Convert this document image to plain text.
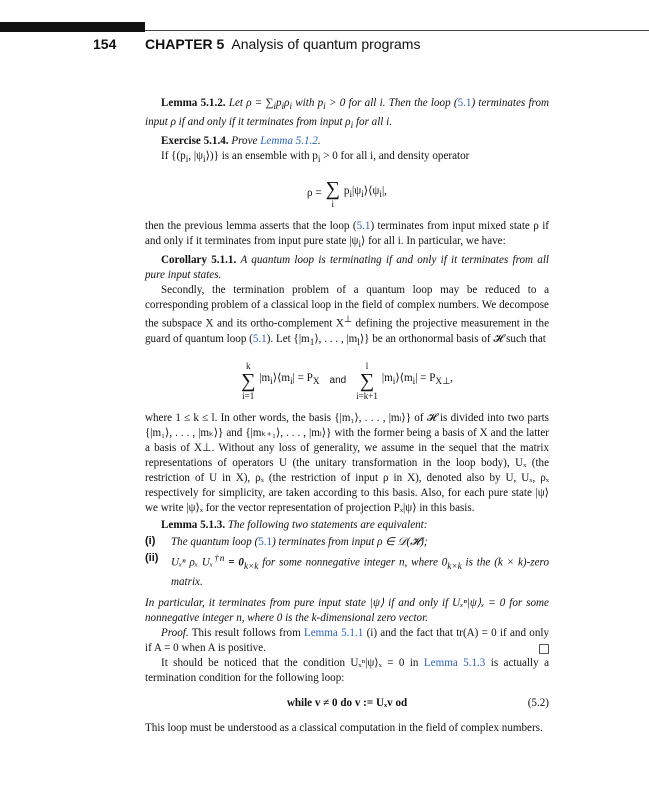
154 CHAPTER 5 Analysis of quantum programs

Lemma 5.1.2. Let $\rho = \sum_ip_i\rho_i$ with $p_i > 0$ for all i. Then the loop (5.1) terminates from input ρ if and only if it terminates from input $\rho_i$ for all i.

Exercise 5.1.4. Prove Lemma 5.1.2.

If {($p_i$, $|\psi_i⟩$)} is an ensemble with $p_i > 0$ for all i, and density operator

ρ = ∑
i
$p_i|\psi_i⟩⟨\psi_i|$,

then the previous lemma asserts that the loop (5.1) terminates from input mixed state ρ if and only if it terminates from input pure state $|\psi_i⟩$ for all i. In particular, we have:

Corollary 5.1.1. A quantum loop is terminating if and only if it terminates from all pure input states.

Secondly, the termination problem of a quantum loop may be reduced to a corresponding problem of a classical loop in the field of complex numbers. We decompose the subspace X and its ortho-complement X⊥ defining the projective measurement in the guard of quantum loop (5.1). Let {$|m_1⟩$, . . . , $|m_l⟩$} be an orthonormal basis of 𝓗 such that

k
∑
i=1
$|m_i⟩⟨m_i| = P_X$ and
l
∑
i=k+1
$|m_i⟩⟨m_i| = P_{X\perp}$,

where 1 ≤ k ≤ l. In other words, the basis {|m₁⟩, . . . , |mₗ⟩} of 𝓗 is divided into two parts {|m₁⟩, . . . , |mₖ⟩} and {|mₖ₊₁⟩, . . . , |mₗ⟩} with the former being a basis of X and the latter a basis of X⊥. Without any loss of generality, we assume in the sequel that the matrix representations of operators U (the unitary transformation in the loop body), Uₓ (the restriction of U in X), ρₓ (the restriction of input ρ in X), denoted also by U, Uₓ, ρₓ respectively for simplicity, are taken according to this basis. Also, for each pure state |ψ⟩ we write |ψ⟩ₓ for the vector representation of projection Pₓ|ψ⟩ in this basis.

Lemma 5.1.3. The following two statements are equivalent:

(i)	The quantum loop (5.1) terminates from input ρ ∈ 𝒟(𝓗);

(ii)	Uₓⁿ ρₓ $U_x^{\dagger n} = 0_{k\times k}$ for some nonnegative integer n, where $0_{k\times k}$ is the (k × k)-zero matrix.

In particular, it terminates from pure input state |ψ⟩ if and only if Uₓⁿ|ψ⟩ₓ = 0 for some nonnegative integer n, where 0 is the k-dimensional zero vector.

Proof. This result follows from Lemma 5.1.1 (i) and the fact that tr(A) = 0 if and only if A = 0 when A is positive.

It should be noticed that the condition Uₓⁿ|ψ⟩ₓ = 0 in Lemma 5.1.3 is actually a termination condition for the following loop:

while v ≠ 0 do v := Uₓv od	(5.2)

This loop must be understood as a classical computation in the field of complex numbers.
